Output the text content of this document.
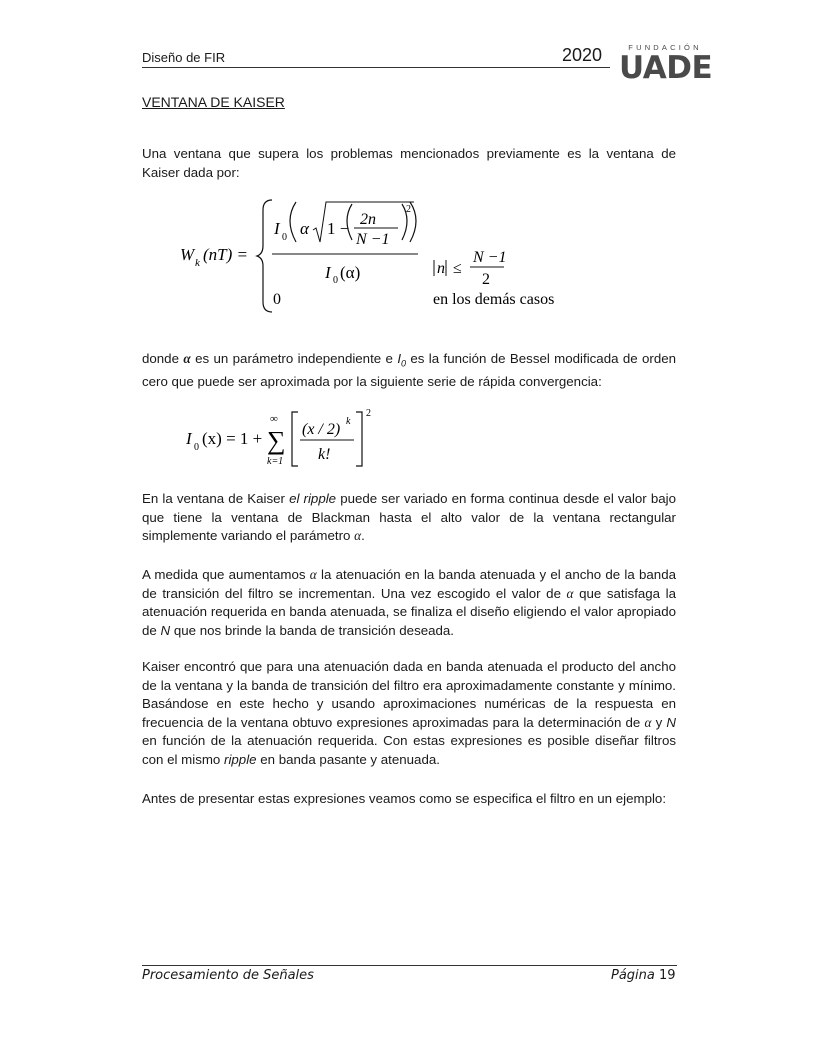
Diseño de FIR	2020	FUNDACIÓN
UADE
VENTANA DE KAISER
Una ventana que supera los problemas mencionados previamente es la ventana de Kaiser dada por:
W k (nT) =
I 0 α 1 − 2n
N −1
2
I 0 (α)	n ≤
N −1
2
0	en los demás casos
donde α es un parámetro independiente e $I_0$ es la función de Bessel modificada de orden cero que puede ser aproximada por la siguiente serie de rápida convergencia:
I 0 (x) = 1 +
∞
∑
k=1
(x / 2) k
k!
2
En la ventana de Kaiser el ripple puede ser variado en forma continua desde el valor bajo que tiene la ventana de Blackman hasta el alto valor de la ventana rectangular simplemente variando el parámetro α.
A medida que aumentamos α la atenuación en la banda atenuada y el ancho de la banda de transición del filtro se incrementan. Una vez escogido el valor de α que satisfaga la atenuación requerida en banda atenuada, se finaliza el diseño eligiendo el valor apropiado de N que nos brinde la banda de transición deseada.
Kaiser encontró que para una atenuación dada en banda atenuada el producto del ancho de la ventana y la banda de transición del filtro era aproximadamente constante y mínimo. Basándose en este hecho y usando aproximaciones numéricas de la respuesta en frecuencia de la ventana obtuvo expresiones aproximadas para la determinación de α y N en función de la atenuación requerida. Con estas expresiones es posible diseñar filtros con el mismo ripple en banda pasante y atenuada.
Antes de presentar estas expresiones veamos como se especifica el filtro en un ejemplo:
Procesamiento de Señales	Página 19
